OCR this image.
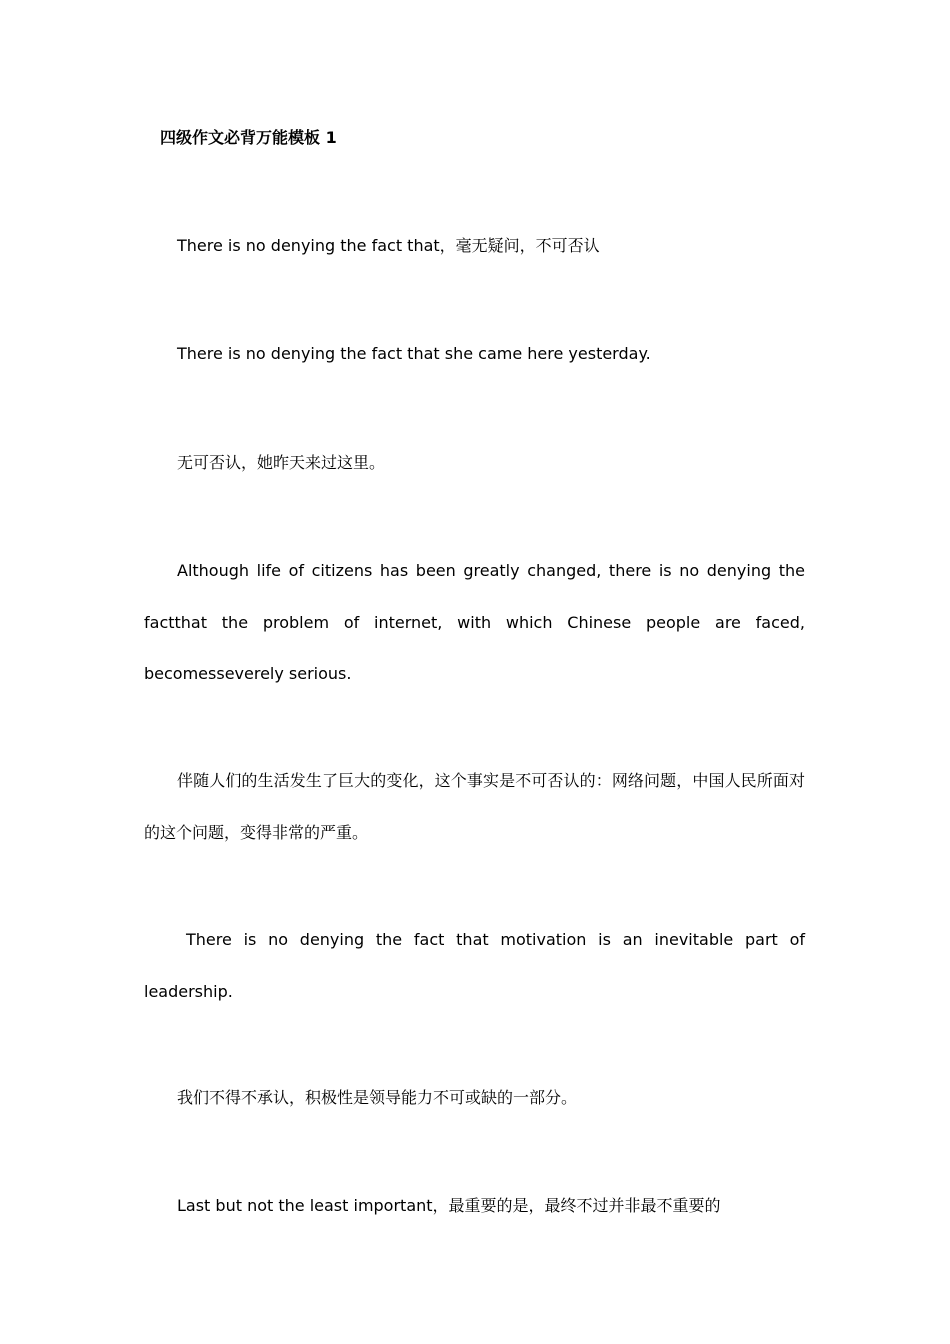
四级作文必背万能模板 1

There is no denying the fact that，毫无疑问，不可否认

There is no denying the fact that she came here yesterday.

无可否认，她昨天来过这里。

Although life of citizens has been greatly changed, there is no denying the factthat the problem of internet, with which Chinese people are faced, becomesseverely serious.

伴随人们的生活发生了巨大的变化，这个事实是不可否认的：网络问题，中国人民所面对的这个问题，变得非常的严重。

There is no denying the fact that motivation is an inevitable part of leadership.

我们不得不承认，积极性是领导能力不可或缺的一部分。

Last but not the least important，最重要的是，最终不过并非最不重要的
